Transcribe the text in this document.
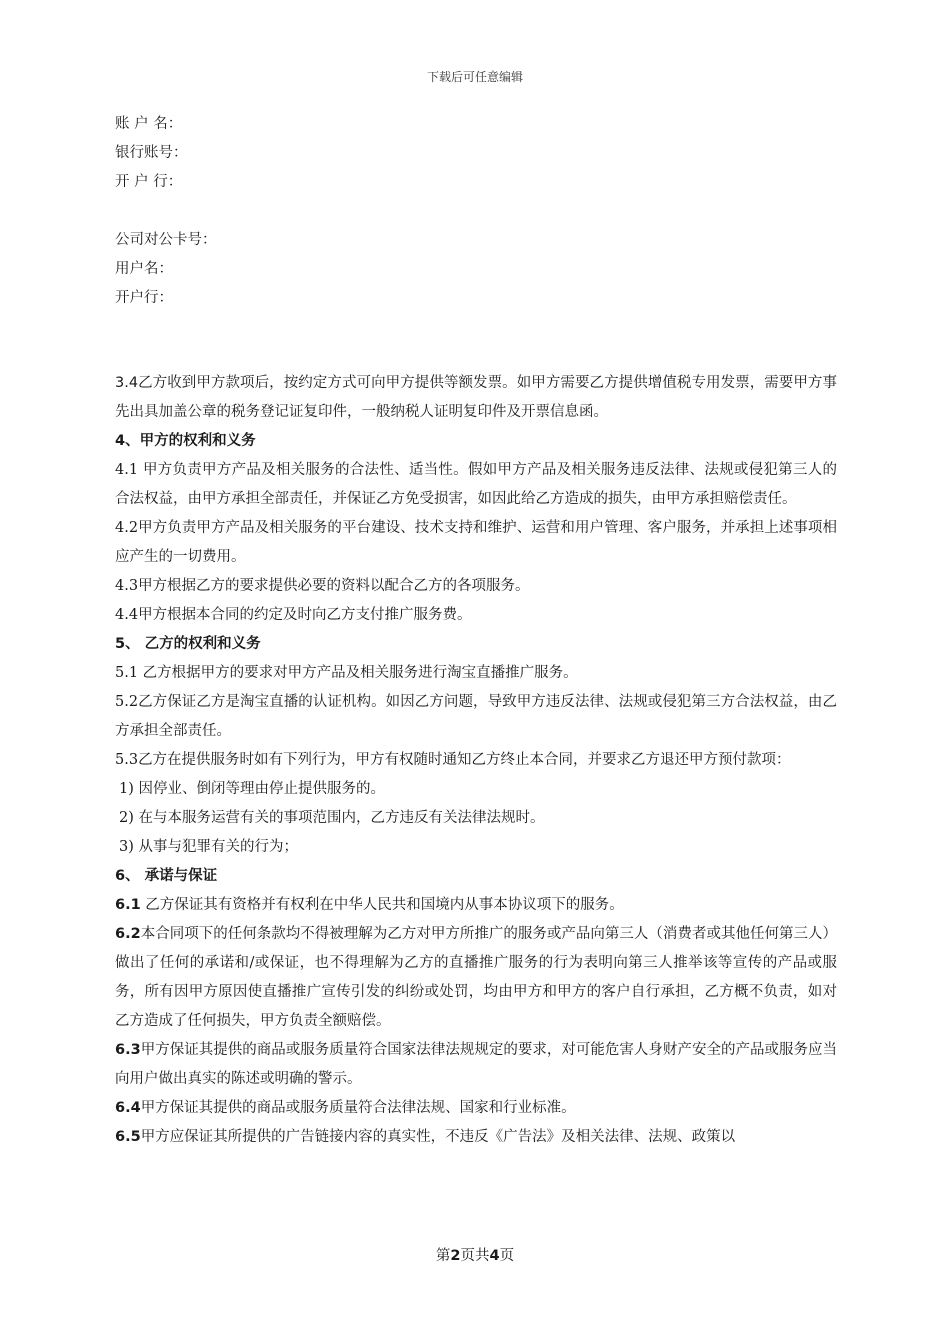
下载后可任意编辑
账 户 名：
银行账号：
开 户 行：
公司对公卡号：
用户名：
开户行：
3.4乙方收到甲方款项后，按约定方式可向甲方提供等额发票。如甲方需要乙方提供增值税专用发票，需要甲方事先出具加盖公章的税务登记证复印件，一般纳税人证明复印件及开票信息函。
4、甲方的权利和义务
4.1 甲方负责甲方产品及相关服务的合法性、适当性。假如甲方产品及相关服务违反法律、法规或侵犯第三人的合法权益，由甲方承担全部责任，并保证乙方免受损害，如因此给乙方造成的损失，由甲方承担赔偿责任。
4.2甲方负责甲方产品及相关服务的平台建设、技术支持和维护、运营和用户管理、客户服务，并承担上述事项相应产生的一切费用。
4.3甲方根据乙方的要求提供必要的资料以配合乙方的各项服务。
4.4甲方根据本合同的约定及时向乙方支付推广服务费。
5、 乙方的权利和义务
5.1 乙方根据甲方的要求对甲方产品及相关服务进行淘宝直播推广服务。
5.2乙方保证乙方是淘宝直播的认证机构。如因乙方问题，导致甲方违反法律、法规或侵犯第三方合法权益，由乙方承担全部责任。
5.3乙方在提供服务时如有下列行为，甲方有权随时通知乙方终止本合同，并要求乙方退还甲方预付款项：
1) 因停业、倒闭等理由停止提供服务的。
2) 在与本服务运营有关的事项范围内，乙方违反有关法律法规时。
3) 从事与犯罪有关的行为；
6、 承诺与保证
6.1 乙方保证其有资格并有权利在中华人民共和国境内从事本协议项下的服务。
6.2本合同项下的任何条款均不得被理解为乙方对甲方所推广的服务或产品向第三人（消费者或其他任何第三人）做出了任何的承诺和/或保证，也不得理解为乙方的直播推广服务的行为表明向第三人推举该等宣传的产品或服务，所有因甲方原因使直播推广宣传引发的纠纷或处罚，均由甲方和甲方的客户自行承担，乙方概不负责，如对乙方造成了任何损失，甲方负责全额赔偿。
6.3甲方保证其提供的商品或服务质量符合国家法律法规规定的要求，对可能危害人身财产安全的产品或服务应当向用户做出真实的陈述或明确的警示。
6.4甲方保证其提供的商品或服务质量符合法律法规、国家和行业标准。
6.5甲方应保证其所提供的广告链接内容的真实性，不违反《广告法》及相关法律、法规、政策以
第2页共4页
